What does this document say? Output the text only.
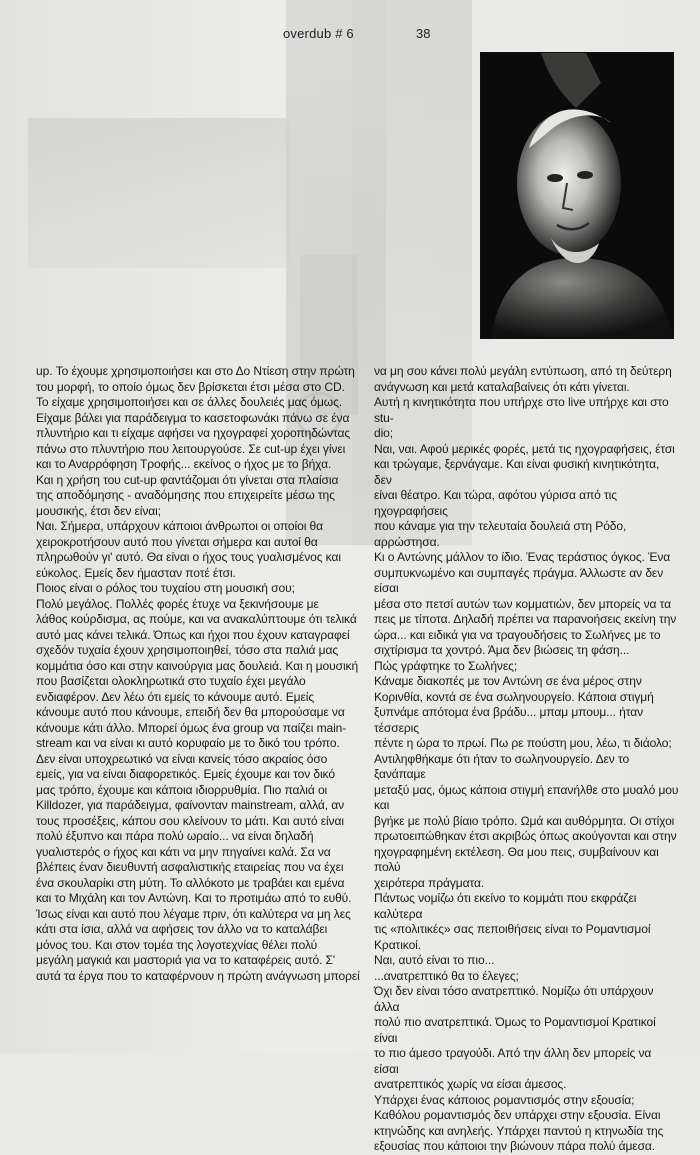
overdub # 6	38

up. Το έχουμε χρησιμοποιήσει και στο Δο Ντίεση στην πρώτη

του μορφή, το οποίο όμως δεν βρίσκεται έτσι μέσα στο CD.

Το είχαμε χρησιμοποιήσει και σε άλλες δουλειές μας όμως.

Είχαμε βάλει για παράδειγμα το κασετοφωνάκι πάνω σε ένα

πλυντήριο και τι είχαμε αφήσει να ηχογραφεί χοροπηδώντας

πάνω στο πλυντήριο που λειτουργούσε. Σε cut-up έχει γίνει

και το Αναρρόφηση Τροφής... εκείνος ο ήχος με το βήχα.

Και η χρήση του cut-up φαντάζομαι ότι γίνεται στα πλαίσια

της αποδόμησης - αναδόμησης που επιχειρείτε μέσω της

μουσικής, έτσι δεν είναι;

Ναι. Σήμερα, υπάρχουν κάποιοι άνθρωποι οι οποίοι θα

χειροκροτήσουν αυτό που γίνεται σήμερα και αυτοί θα

πληρωθούν γι' αυτό. Θα είναι ο ήχος τους γυαλισμένος και

εύκολος. Εμείς δεν ήμασταν ποτέ έτσι.

Ποιος είναι ο ρόλος του τυχαίου στη μουσική σου;

Πολύ μεγάλος. Πολλές φορές έτυχε να ξεκινήσουμε με

λάθος κούρδισμα, ας πούμε, και να ανακαλύπτουμε ότι τελικά

αυτό μας κάνει τελικά. Όπως και ήχοι που έχουν καταγραφεί

σχεδόν τυχαία έχουν χρησιμοποιηθεί, τόσο στα παλιά μας

κομμάτια όσο και στην καινούργια μας δουλειά. Και η μουσική

που βασίζεται ολοκληρωτικά στο τυχαίο έχει μεγάλο

ενδιαφέρον. Δεν λέω ότι εμείς το κάνουμε αυτό. Εμείς

κάνουμε αυτό που κάνουμε, επειδή δεν θα μπορούσαμε να

κάνουμε κάτι άλλο. Μπορεί όμως ένα group να παίζει main-

stream και να είναι κι αυτό κορυφαίο με το δικό του τρόπο.

Δεν είναι υποχρεωτικό να είναι κανείς τόσο ακραίος όσο

εμείς, για να είναι διαφορετικός. Εμείς έχουμε και τον δικό

μας τρόπο, έχουμε και κάποια ιδιορρυθμία. Πιο παλιά οι

Killdozer, για παράδειγμα, φαίνονταν mainstream, αλλά, αν

τους προσέξεις, κάπου σου κλείνουν το μάτι. Και αυτό είναι

πολύ έξυπνο και πάρα πολύ ωραίο... να είναι δηλαδή

γυαλιστερός ο ήχος και κάτι να μην πηγαίνει καλά. Σα να

βλέπεις έναν διευθυντή ασφαλιστικής εταιρείας που να έχει

ένα σκουλαρίκι στη μύτη. Το αλλόκοτο με τραβάει και εμένα

και το Μιχάλη και τον Αντώνη. Και το προτιμάω από το ευθύ.

Ίσως είναι και αυτό που λέγαμε πριν, ότι καλύτερα να μη λες

κάτι στα ίσια, αλλά να αφήσεις τον άλλο να το καταλάβει

μόνος του. Και στον τομέα της λογοτεχνίας θέλει πολύ

μεγάλη μαγκιά και μαστοριά για να το καταφέρεις αυτό. Σ'

αυτά τα έργα που το καταφέρνουν η πρώτη ανάγνωση μπορεί

να μη σου κάνει πολύ μεγάλη εντύπωση, από τη δεύτερη

ανάγνωση και μετά καταλαβαίνεις ότι κάτι γίνεται.

Αυτή η κινητικότητα που υπήρχε στο live υπήρχε και στο stu-

dio;

Ναι, ναι. Αφού μερικές φορές, μετά τις ηχογραφήσεις, έτσι

και τρώγαμε, ξερνάγαμε. Και είναι φυσική κινητικότητα, δεν

είναι θέατρο. Και τώρα, αφότου γύρισα από τις ηχογραφήσεις

που κάναμε για την τελευταία δουλειά στη Ρόδο, αρρώστησα.

Κι ο Αντώνης μάλλον το ίδιο. Ένας τεράστιος όγκος. Ένα

συμπυκνωμένο και συμπαγές πράγμα. Άλλωστε αν δεν είσαι

μέσα στο πετσί αυτών των κομματιών, δεν μπορείς να τα

πεις με τίποτα. Δηλαδή πρέπει να παρανοήσεις εκείνη την

ώρα... και ειδικά για να τραγουδήσεις το Σωλήνες με το

σιχτίρισμα τα χοντρό. Άμα δεν βιώσεις τη φάση...

Πώς γράφτηκε το Σωλήνες;

Κάναμε διακοπές με τον Αντώνη σε ένα μέρος στην

Κορινθία, κοντά σε ένα σωληνουργείο. Κάποια στιγμή

ξυπνάμε απότομα ένα βράδυ... μπαμ μπουμ... ήταν τέσσερις

πέντε η ώρα το πρωί. Πω ρε πούστη μου, λέω, τι διάολο;

Αντιληφθήκαμε ότι ήταν το σωληνουργείο. Δεν το ξανάπαμε

μεταξύ μας, όμως κάποια στιγμή επανήλθε στο μυαλό μου και

βγήκε με πολύ βίαιο τρόπο. Ωμά και αυθόρμητα. Οι στίχοι

πρωτοειπώθηκαν έτσι ακριβώς όπως ακούγονται και στην

ηχογραφημένη εκτέλεση. Θα μου πεις, συμβαίνουν και πολύ

χειρότερα πράγματα.

Πάντως νομίζω ότι εκείνο το κομμάτι που εκφράζει καλύτερα

τις «πολιτικές» σας πεποιθήσεις είναι το Ρομαντισμοί

Κρατικοί.

Ναι, αυτό είναι το πιο...

...ανατρεπτικό θα το έλεγες;

Όχι δεν είναι τόσο ανατρεπτικό. Νομίζω ότι υπάρχουν άλλα

πολύ πιο ανατρεπτικά. Όμως το Ρομαντισμοί Κρατικοί είναι

το πιο άμεσο τραγούδι. Από την άλλη δεν μπορείς να είσαι

ανατρεπτικός χωρίς να είσαι άμεσος.

Υπάρχει ένας κάποιος ρομαντισμός στην εξουσία;

Καθόλου ρομαντισμός δεν υπάρχει στην εξουσία. Είναι

κτηνώδης και ανηλεής. Υπάρχει παντού η κτηνωδία της

εξουσίας που κάποιοι την βιώνουν πάρα πολύ άμεσα.
